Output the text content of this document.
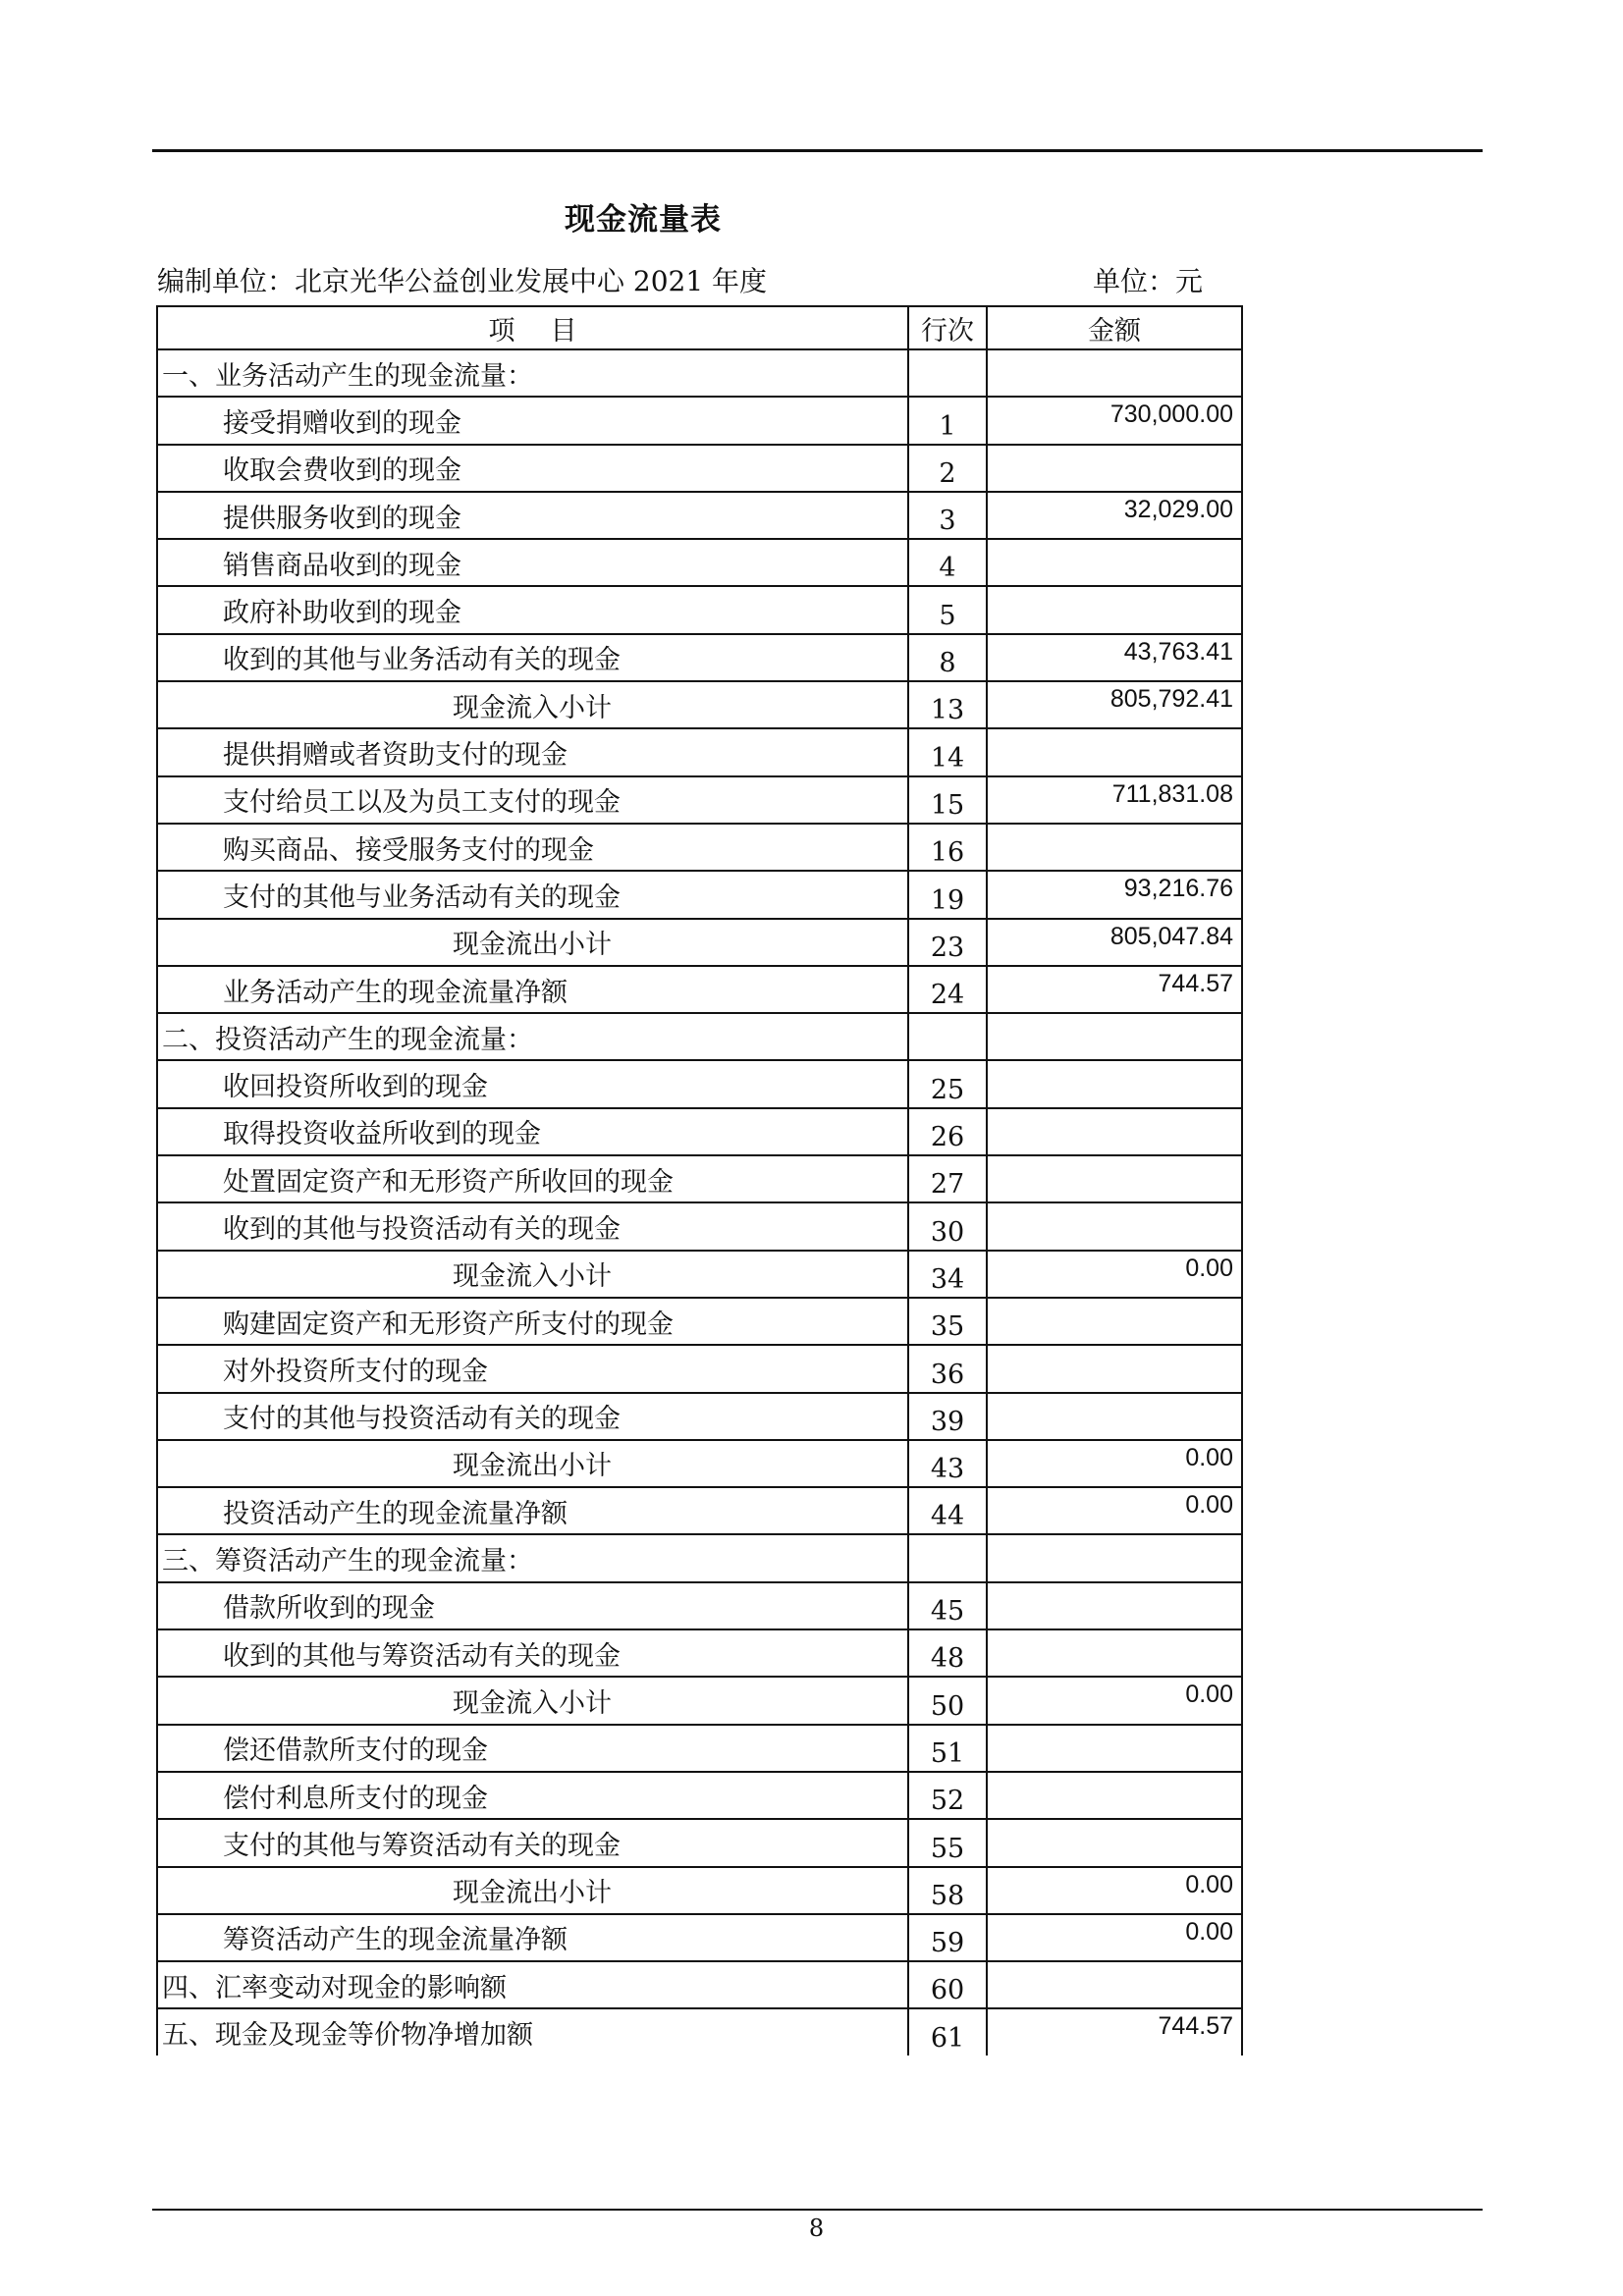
现金流量表
编制单位：北京光华公益创业发展中心 2021 年度	单位：元
项目	行次	金额
一、业务活动产生的现金流量：		
接受捐赠收到的现金	1	730,000.00
收取会费收到的现金	2	
提供服务收到的现金	3	32,029.00
销售商品收到的现金	4	
政府补助收到的现金	5	
收到的其他与业务活动有关的现金	8	43,763.41
现金流入小计	13	805,792.41
提供捐赠或者资助支付的现金	14	
支付给员工以及为员工支付的现金	15	711,831.08
购买商品、接受服务支付的现金	16	
支付的其他与业务活动有关的现金	19	93,216.76
现金流出小计	23	805,047.84
业务活动产生的现金流量净额	24	744.57
二、投资活动产生的现金流量：		
收回投资所收到的现金	25	
取得投资收益所收到的现金	26	
处置固定资产和无形资产所收回的现金	27	
收到的其他与投资活动有关的现金	30	
现金流入小计	34	0.00
购建固定资产和无形资产所支付的现金	35	
对外投资所支付的现金	36	
支付的其他与投资活动有关的现金	39	
现金流出小计	43	0.00
投资活动产生的现金流量净额	44	0.00
三、筹资活动产生的现金流量：		
借款所收到的现金	45	
收到的其他与筹资活动有关的现金	48	
现金流入小计	50	0.00
偿还借款所支付的现金	51	
偿付利息所支付的现金	52	
支付的其他与筹资活动有关的现金	55	
现金流出小计	58	0.00
筹资活动产生的现金流量净额	59	0.00
四、汇率变动对现金的影响额	60	
五、现金及现金等价物净增加额	61	744.57
8
